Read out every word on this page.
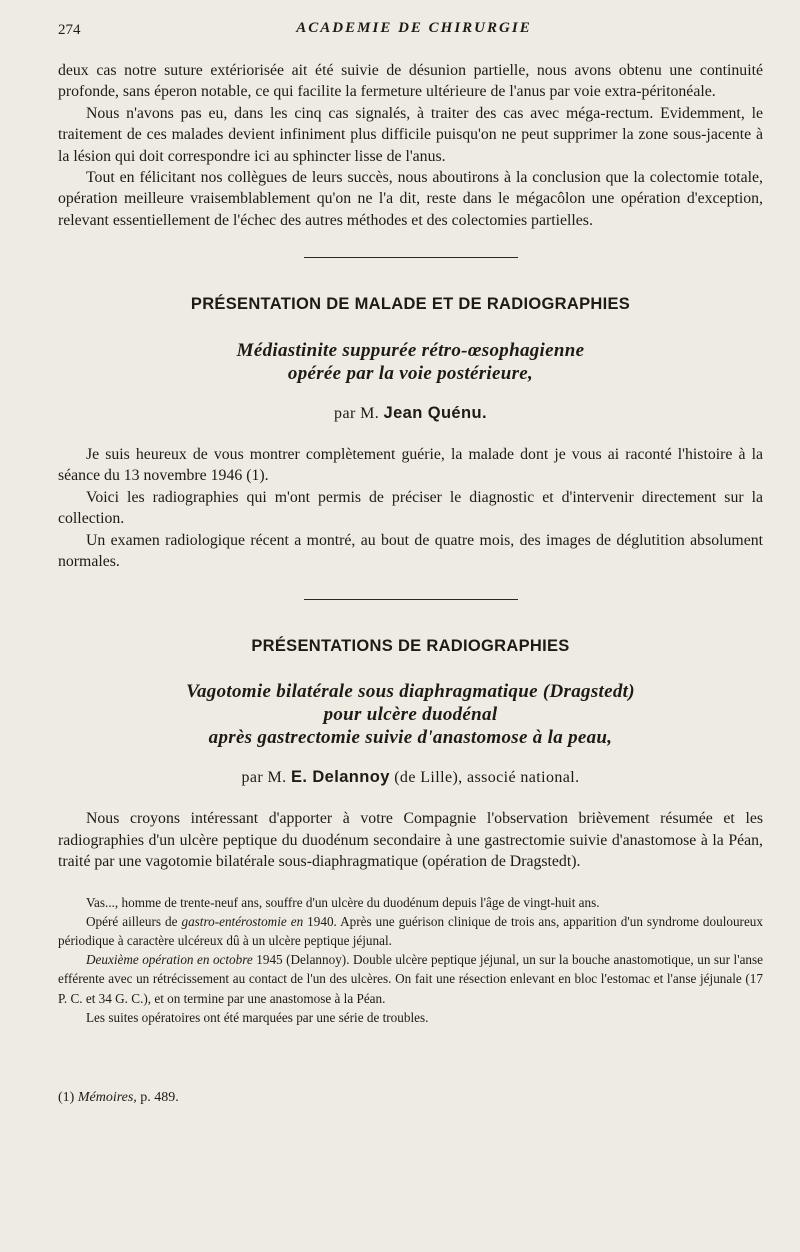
274	ACADEMIE DE CHIRURGIE

deux cas notre suture extériorisée ait été suivie de désunion partielle, nous avons obtenu une continuité profonde, sans éperon notable, ce qui facilite la fermeture ultérieure de l'anus par voie extra-péritonéale.

Nous n'avons pas eu, dans les cinq cas signalés, à traiter des cas avec méga-rectum. Evidemment, le traitement de ces malades devient infiniment plus difficile puisqu'on ne peut supprimer la zone sous-jacente à la lésion qui doit correspondre ici au sphincter lisse de l'anus.

Tout en félicitant nos collègues de leurs succès, nous aboutirons à la conclusion que la colectomie totale, opération meilleure vraisemblablement qu'on ne l'a dit, reste dans le mégacôlon une opération d'exception, relevant essentiellement de l'échec des autres méthodes et des colectomies partielles.

PRÉSENTATION DE MALADE ET DE RADIOGRAPHIES
Médiastinite suppurée rétro-œsophagienne
opérée par la voie postérieure,
par M. Jean Quénu.

Je suis heureux de vous montrer complètement guérie, la malade dont je vous ai raconté l'histoire à la séance du 13 novembre 1946 (1).

Voici les radiographies qui m'ont permis de préciser le diagnostic et d'intervenir directement sur la collection.

Un examen radiologique récent a montré, au bout de quatre mois, des images de déglutition absolument normales.

PRÉSENTATIONS DE RADIOGRAPHIES
Vagotomie bilatérale sous diaphragmatique (Dragstedt)
pour ulcère duodénal
après gastrectomie suivie d'anastomose à la peau,
par M. E. Delannoy (de Lille), associé national.

Nous croyons intéressant d'apporter à votre Compagnie l'observation brièvement résumée et les radiographies d'un ulcère peptique du duodénum secondaire à une gastrectomie suivie d'anastomose à la Péan, traité par une vagotomie bilatérale sous-diaphragmatique (opération de Dragstedt).

Vas..., homme de trente-neuf ans, souffre d'un ulcère du duodénum depuis l'âge de vingt-huit ans.

Opéré ailleurs de gastro-entérostomie en 1940. Après une guérison clinique de trois ans, apparition d'un syndrome douloureux périodique à caractère ulcéreux dû à un ulcère peptique jéjunal.

Deuxième opération en octobre 1945 (Delannoy). Double ulcère peptique jéjunal, un sur la bouche anastomotique, un sur l'anse efférente avec un rétrécissement au contact de l'un des ulcères. On fait une résection enlevant en bloc l'estomac et l'anse jéjunale (17 P. C. et 34 G. C.), et on termine par une anastomose à la Péan.

Les suites opératoires ont été marquées par une série de troubles.

(1) Mémoires, p. 489.
